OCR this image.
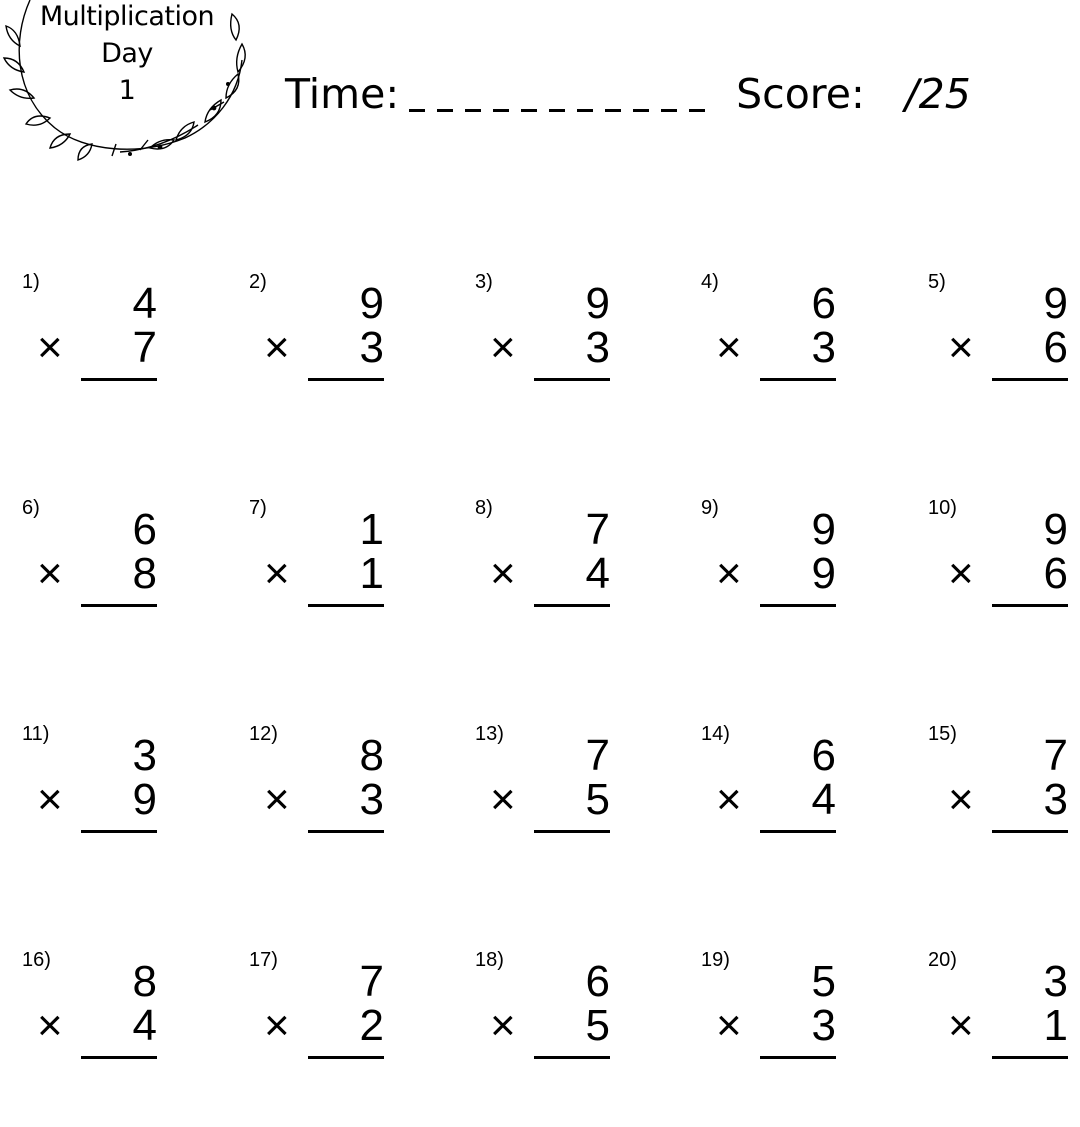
Multiplication
Day
1	Time:	Score: /25
1)	4
× 7
2)	9
× 3
3)	9
× 3
4)	6
× 3
5)	9
× 6
6)	6
× 8
7)	1
× 1
8)	7
× 4
9)	9
× 9
10)	9
× 6
11)	3
× 9
12)	8
× 3
13)	7
× 5
14)	6
× 4
15)	7
× 3
16)	8
× 4
17)	7
× 2
18)	6
× 5
19)	5
× 3
20)	3
× 1
